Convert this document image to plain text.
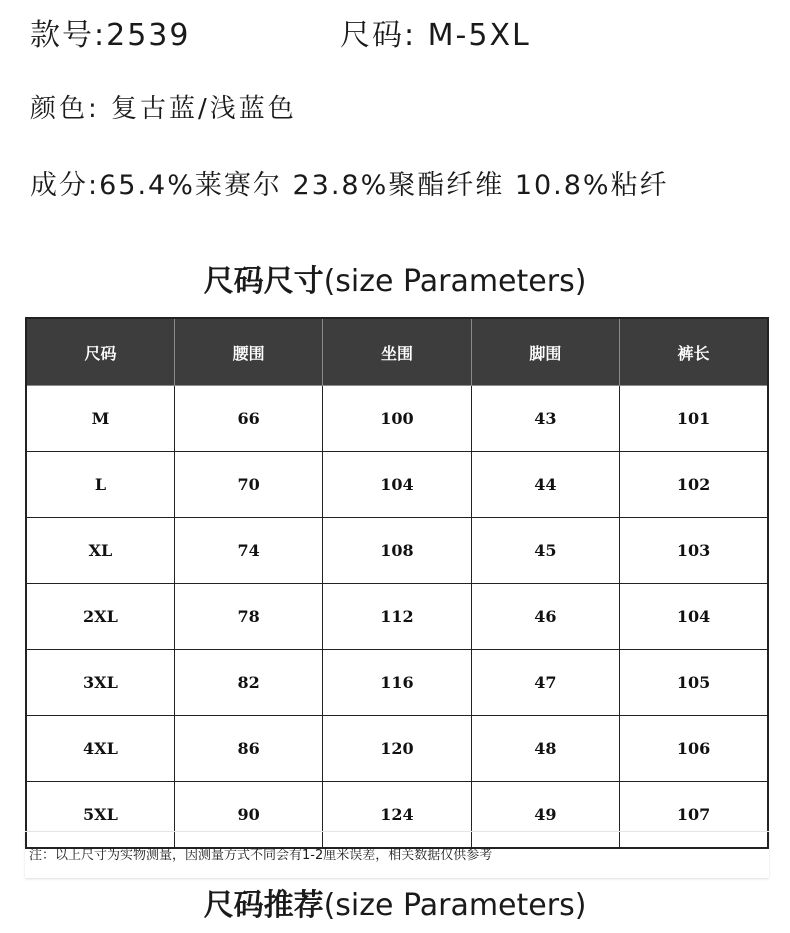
款号:2539	尺码: M-5XL
颜色: 复古蓝/浅蓝色
成分:65.4%莱赛尔 23.8%聚酯纤维 10.8%粘纤
尺码尺寸(size Parameters)
尺码	腰围	坐围	脚围	裤长
M	66	100	43	101
L	70	104	44	102
XL	74	108	45	103
2XL	78	112	46	104
3XL	82	116	47	105
4XL	86	120	48	106
5XL	90	124	49	107
注：以上尺寸为实物测量，因测量方式不同会有1-2厘米误差，相关数据仅供参考
尺码推荐(size Parameters)
